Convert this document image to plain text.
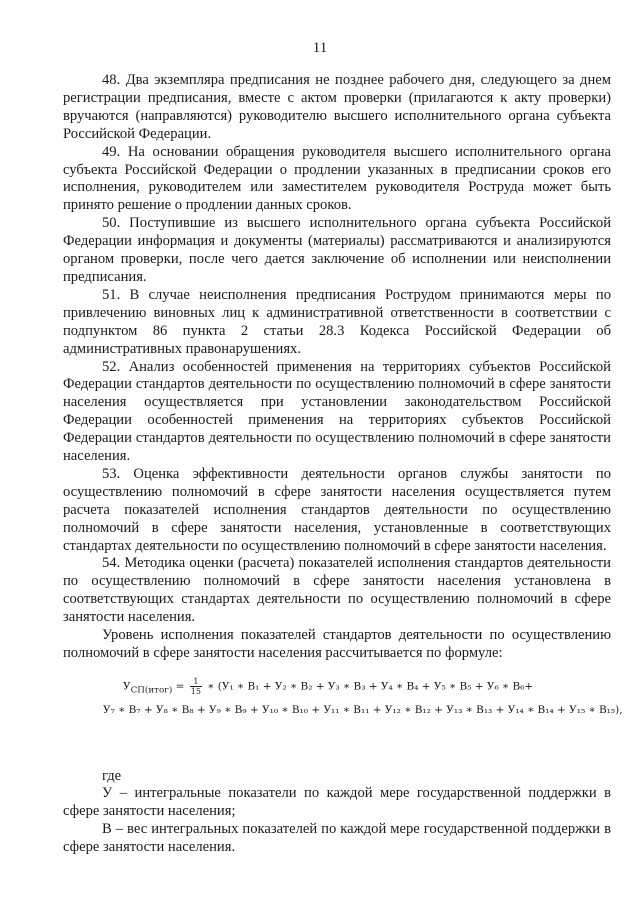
11

48. Два экземпляра предписания не позднее рабочего дня, следующего за днем регистрации предписания, вместе с актом проверки (прилагаются к акту проверки) вручаются (направляются) руководителю высшего исполнительного органа субъекта Российской Федерации.

49. На основании обращения руководителя высшего исполнительного органа субъекта Российской Федерации о продлении указанных в предписании сроков его исполнения, руководителем или заместителем руководителя Роструда может быть принято решение о продлении данных сроков.

50. Поступившие из высшего исполнительного органа субъекта Российской Федерации информация и документы (материалы) рассматриваются и анализируются органом проверки, после чего дается заключение об исполнении или неисполнении предписания.

51. В случае неисполнения предписания Рострудом принимаются меры по привлечению виновных лиц к административной ответственности в соответствии с подпунктом 86 пункта 2 статьи 28.3 Кодекса Российской Федерации об административных правонарушениях.

52. Анализ особенностей применения на территориях субъектов Российской Федерации стандартов деятельности по осуществлению полномочий в сфере занятости населения осуществляется при установлении законодательством Российской Федерации особенностей применения на территориях субъектов Российской Федерации стандартов деятельности по осуществлению полномочий в сфере занятости населения.

53. Оценка эффективности деятельности органов службы занятости по осуществлению полномочий в сфере занятости населения осуществляется путем расчета показателей исполнения стандартов деятельности по осуществлению полномочий в сфере занятости населения, установленные в соответствующих стандартах деятельности по осуществлению полномочий в сфере занятости населения.

54. Методика оценки (расчета) показателей исполнения стандартов деятельности по осуществлению полномочий в сфере занятости населения установлена в соответствующих стандартах деятельности по осуществлению полномочий в сфере занятости населения.

Уровень исполнения показателей стандартов деятельности по осуществлению полномочий в сфере занятости населения рассчитывается по формуле:

$У_{СП(итог)} = \frac{1}{15}$ ∗ (У₁ ∗ В₁ + У₂ ∗ В₂ + У₃ ∗ В₃ + У₄ ∗ В₄ + У₅ ∗ В₅ + У₆ ∗ В₆+
У₇ ∗ В₇ + У₈ ∗ В₈ + У₉ ∗ В₉ + У₁₀ ∗ В₁₀ + У₁₁ ∗ В₁₁ + У₁₂ ∗ В₁₂ + У₁₃ ∗ В₁₃ + У₁₄ ∗ В₁₄ + У₁₅ ∗ В₁₅),

где

У – интегральные показатели по каждой мере государственной поддержки в сфере занятости населения;

В – вес интегральных показателей по каждой мере государственной поддержки в сфере занятости населения.
